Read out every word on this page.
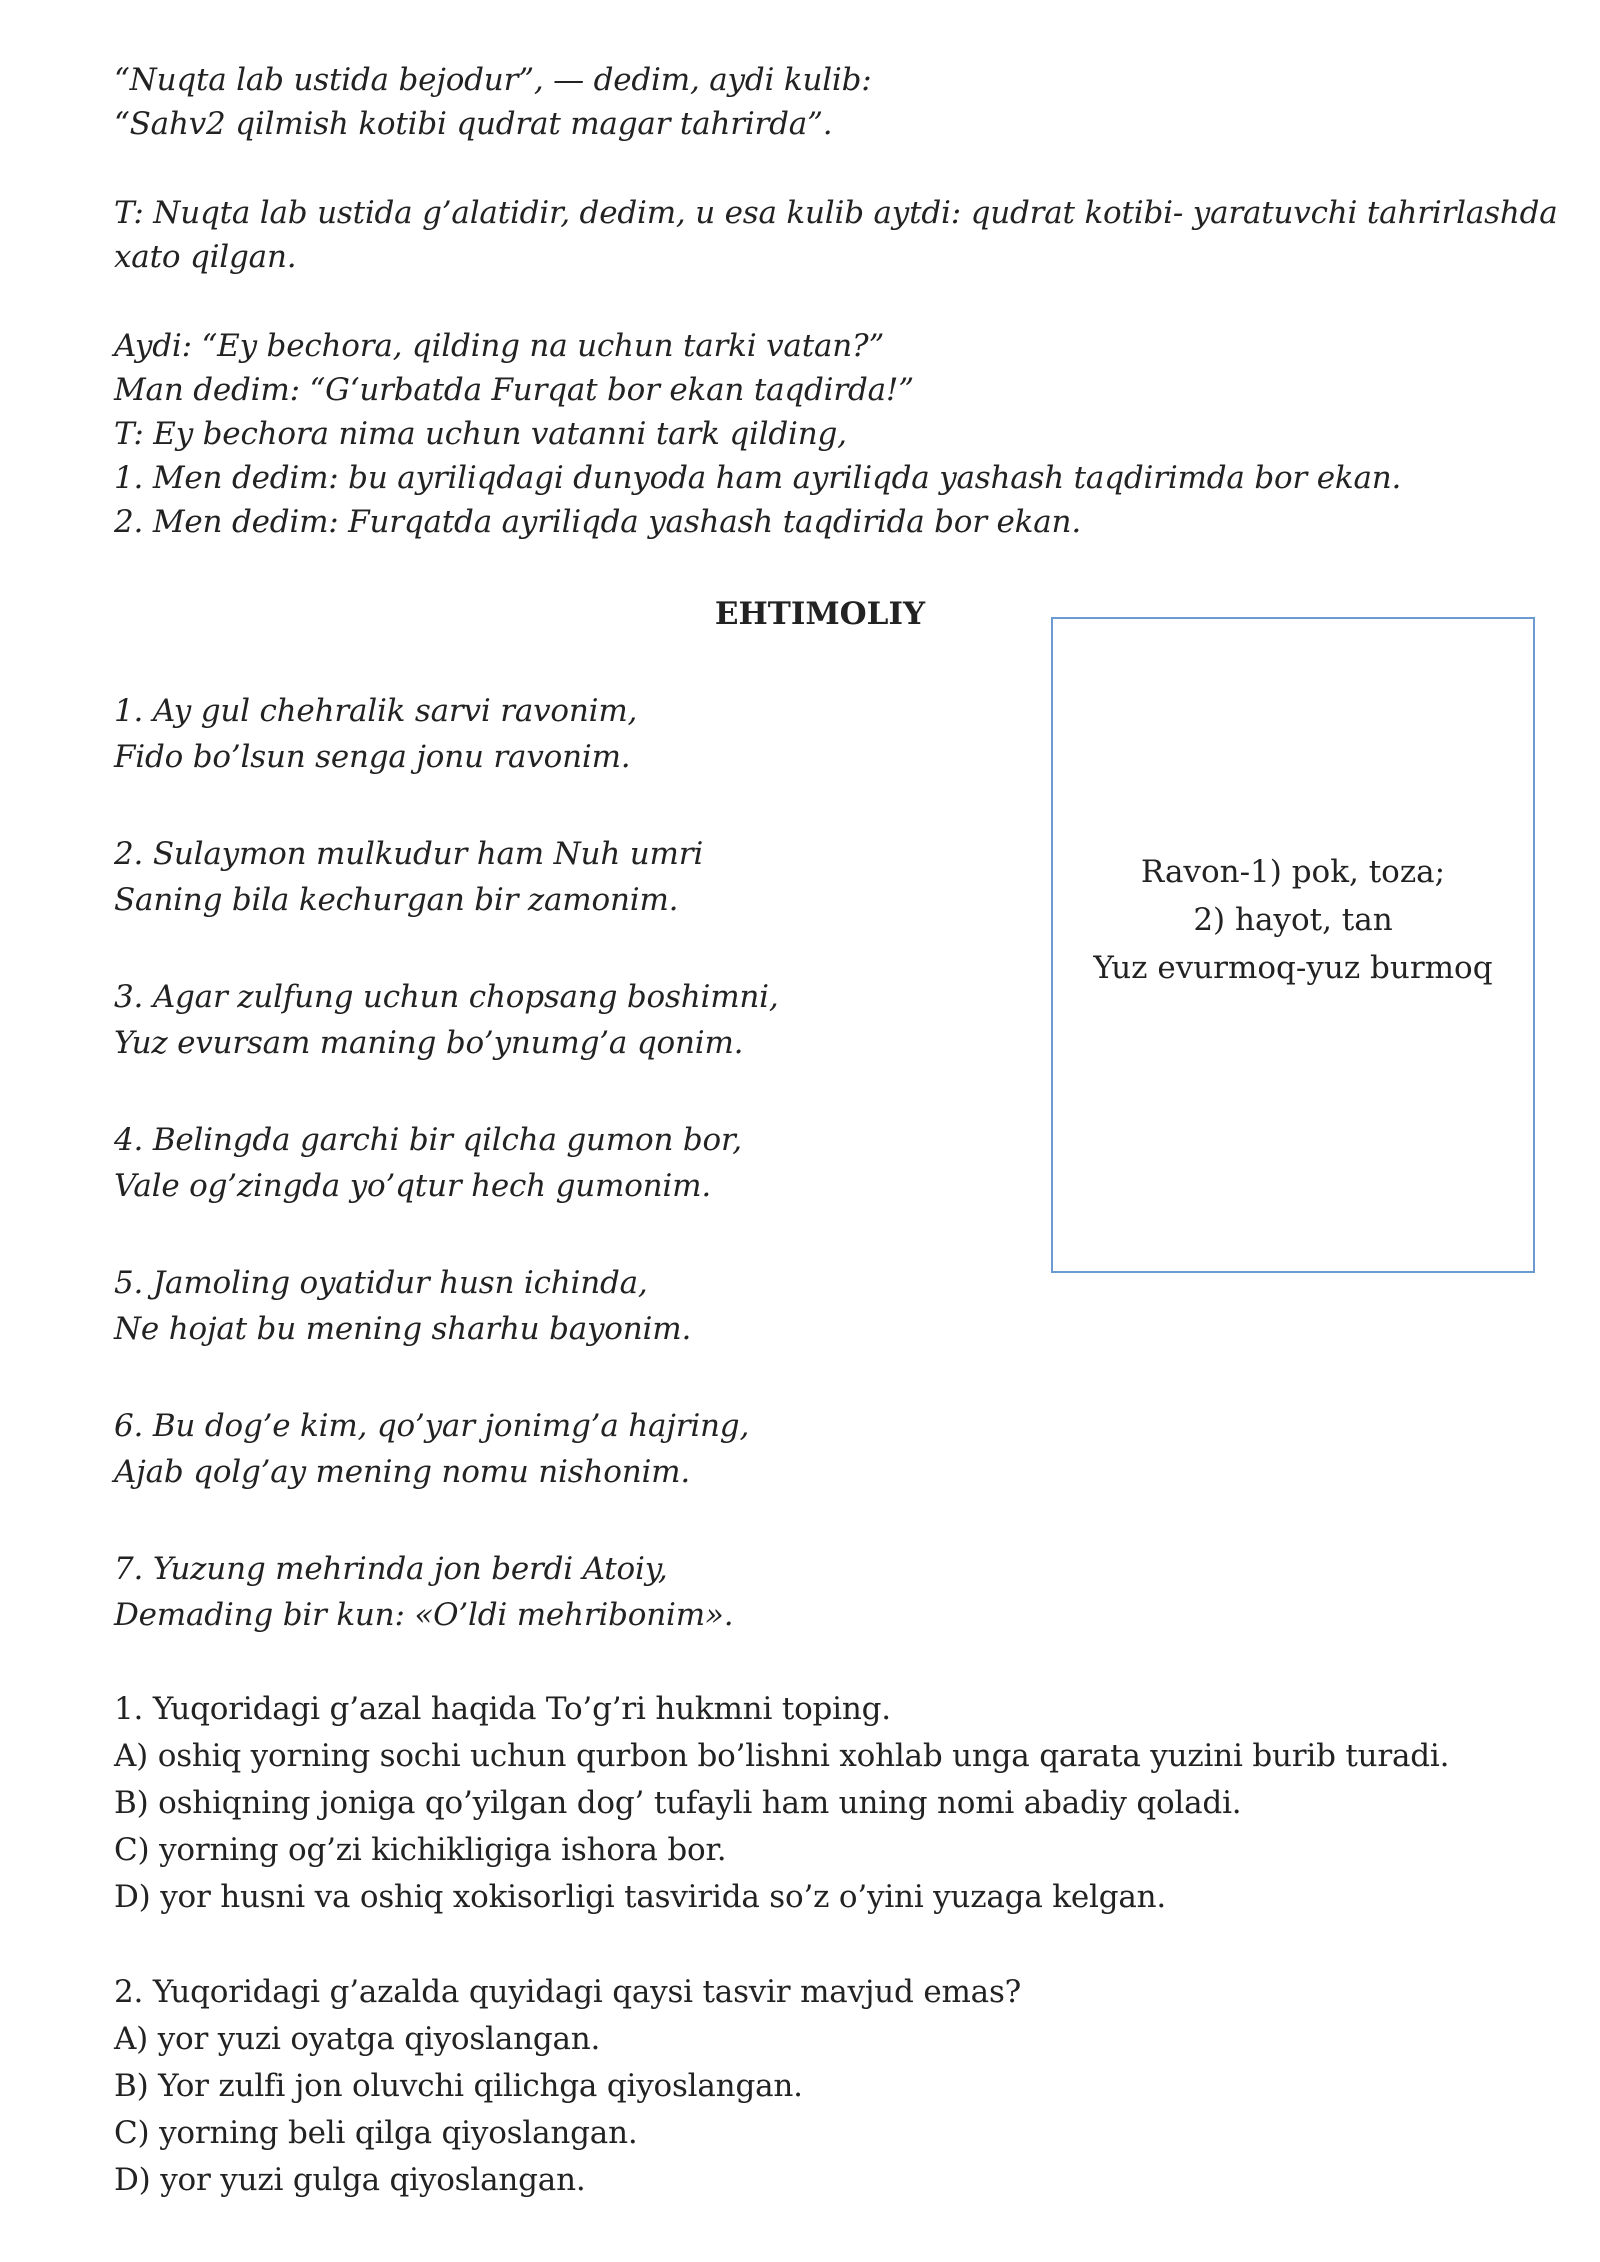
“Nuqta lab ustida bejodur”, — dedim, aydi kulib:
“Sahv2 qilmish kotibi qudrat magar tahrirda”.
T: Nuqta lab ustida g’alatidir, dedim, u esa kulib aytdi: qudrat kotibi- yaratuvchi tahrirlashda
xato qilgan.
Aydi: “Ey bechora, qilding na uchun tarki vatan?”
Man dedim: “G‘urbatda Furqat bor ekan taqdirda!”
T: Ey bechora nima uchun vatanni tark qilding,
1. Men dedim: bu ayriliqdagi dunyoda ham ayriliqda yashash taqdirimda bor ekan.
2. Men dedim: Furqatda ayriliqda yashash taqdirida bor ekan.
EHTIMOLIY
1. Ay gul chehralik sarvi ravonim,
Fido bo’lsun senga jonu ravonim.
2. Sulaymon mulkudur ham Nuh umri
Saning bila kechurgan bir zamonim.
3. Agar zulfung uchun chopsang boshimni,
Yuz evursam maning bo’ynumg’a qonim.
4. Belingda garchi bir qilcha gumon bor,
Vale og’zingda yo’qtur hech gumonim.
5. Jamoling oyatidur husn ichinda,
Ne hojat bu mening sharhu bayonim.
6. Bu dog’e kim, qo’yar jonimg’a hajring,
Ajab qolg’ay mening nomu nishonim.
7. Yuzung mehrinda jon berdi Atoiy,
Demading bir kun: «O’ldi mehribonim».
Ravon-1) pok, toza;
2) hayot, tan
Yuz evurmoq-yuz burmoq
1. Yuqoridagi g’azal haqida To’g’ri hukmni toping.
A) oshiq yorning sochi uchun qurbon bo’lishni xohlab unga qarata yuzini burib turadi.
B) oshiqning joniga qo’yilgan dog’ tufayli ham uning nomi abadiy qoladi.
C) yorning og’zi kichikligiga ishora bor.
D) yor husni va oshiq xokisorligi tasvirida so’z o’yini yuzaga kelgan.
2. Yuqoridagi g’azalda quyidagi qaysi tasvir mavjud emas?
A) yor yuzi oyatga qiyoslangan.
B) Yor zulfi jon oluvchi qilichga qiyoslangan.
C) yorning beli qilga qiyoslangan.
D) yor yuzi gulga qiyoslangan.
